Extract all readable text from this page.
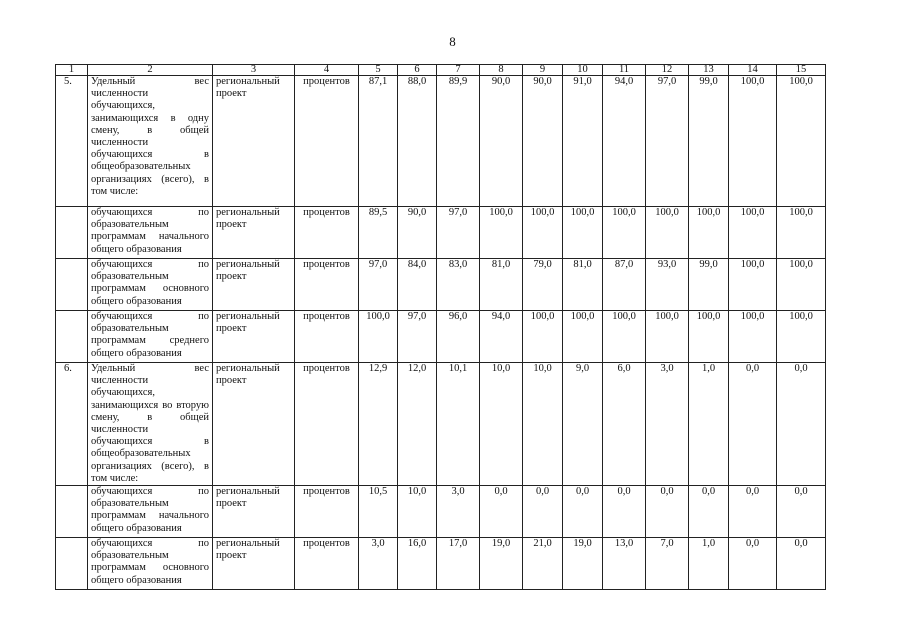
8
1	2	3	4	5	6	7	8	9	10	11	12	13	14	15
5.	Удельный вес численности обучающихся, занимающихся в одну смену, в общей численности обучающихся в общеобразовательных организациях (всего), в том числе:	региональный проект	процентов	87,1	88,0	89,9	90,0	90,0	91,0	94,0	97,0	99,0	100,0	100,0
	обучающихся по образовательным программам начального общего образования	региональный проект	процентов	89,5	90,0	97,0	100,0	100,0	100,0	100,0	100,0	100,0	100,0	100,0
	обучающихся по образовательным программам основного общего образования	региональный проект	процентов	97,0	84,0	83,0	81,0	79,0	81,0	87,0	93,0	99,0	100,0	100,0
	обучающихся по образовательным программам среднего общего образования	региональный проект	процентов	100,0	97,0	96,0	94,0	100,0	100,0	100,0	100,0	100,0	100,0	100,0
6.	Удельный вес численности обучающихся, занимающихся во вторую смену, в общей численности обучающихся в общеобразовательных организациях (всего), в том числе:	региональный проект	процентов	12,9	12,0	10,1	10,0	10,0	9,0	6,0	3,0	1,0	0,0	0,0
	обучающихся по образовательным программам начального общего образования	региональный проект	процентов	10,5	10,0	3,0	0,0	0,0	0,0	0,0	0,0	0,0	0,0	0,0
	обучающихся по образовательным программам основного общего образования	региональный проект	процентов	3,0	16,0	17,0	19,0	21,0	19,0	13,0	7,0	1,0	0,0	0,0
